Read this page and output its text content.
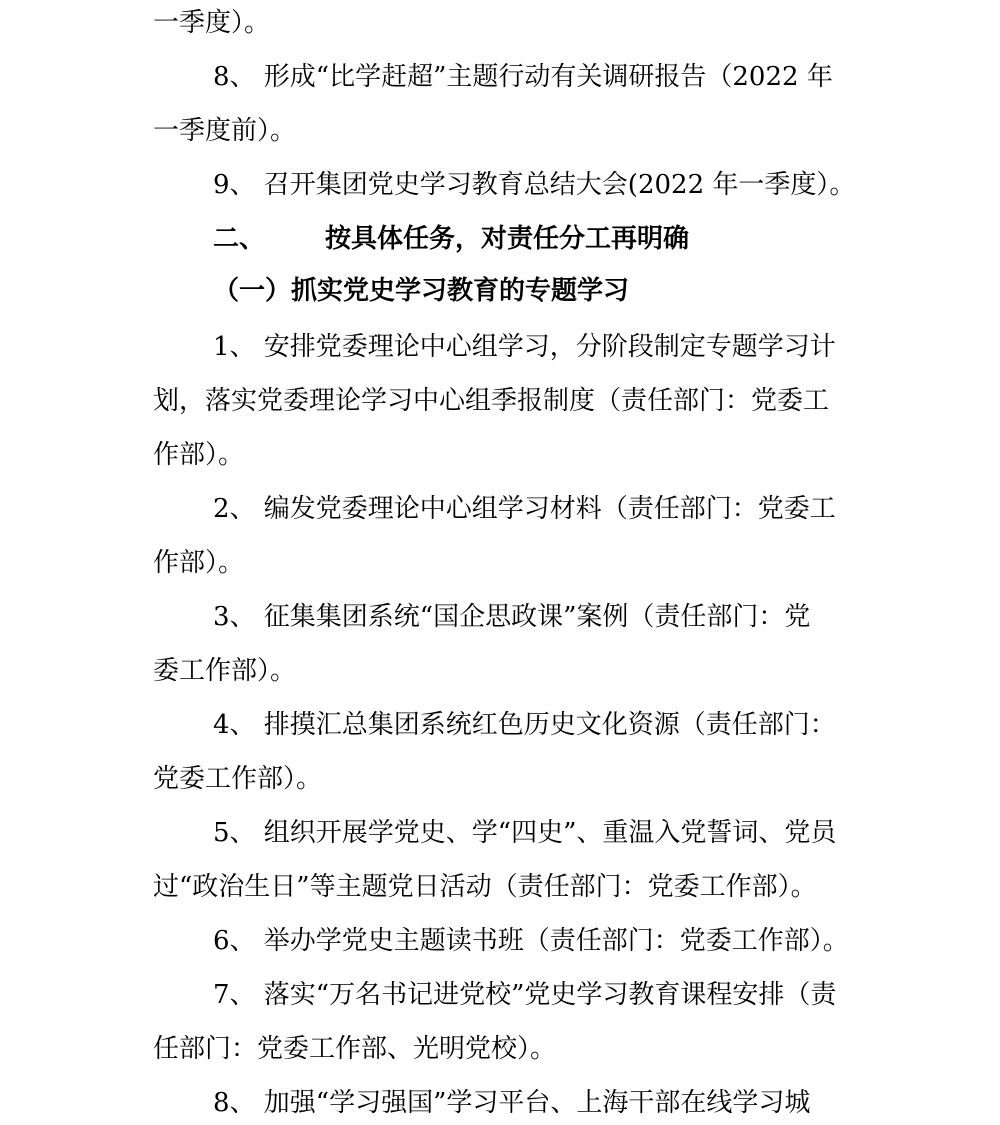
一季度）。
8、 形成“比学赶超”主题行动有关调研报告（2022 年
一季度前）。
9、 召开集团党史学习教育总结大会(2022 年一季度）。
二、 按具体任务，对责任分工再明确
（一）抓实党史学习教育的专题学习
1、 安排党委理论中心组学习，分阶段制定专题学习计
划，落实党委理论学习中心组季报制度（责任部门：党委工
作部）。
2、 编发党委理论中心组学习材料（责任部门：党委工
作部）。
3、 征集集团系统“国企思政课”案例（责任部门：党
委工作部）。
4、 排摸汇总集团系统红色历史文化资源（责任部门：
党委工作部）。
5、 组织开展学党史、学“四史”、重温入党誓词、党员
过“政治生日”等主题党日活动（责任部门：党委工作部）。
6、 举办学党史主题读书班（责任部门：党委工作部）。
7、 落实“万名书记进党校”党史学习教育课程安排（责
任部门：党委工作部、光明党校）。
8、 加强“学习强国”学习平台、上海干部在线学习城
